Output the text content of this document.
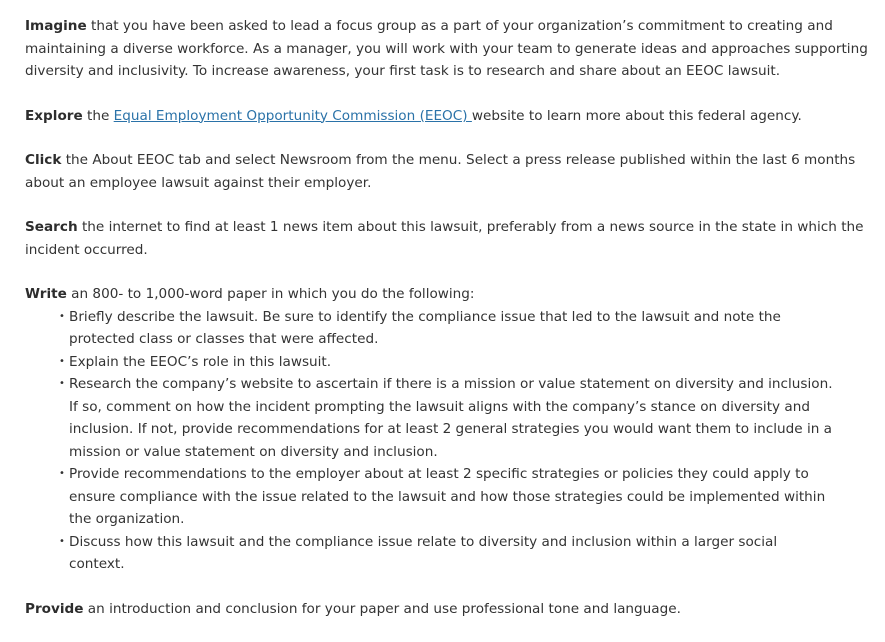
Imagine that you have been asked to lead a focus group as a part of your organization’s commitment to creating and maintaining a diverse workforce. As a manager, you will work with your team to generate ideas and approaches supporting diversity and inclusivity. To increase awareness, your first task is to research and share about an EEOC lawsuit.

Explore the Equal Employment Opportunity Commission (EEOC) website to learn more about this federal agency.

Click the About EEOC tab and select Newsroom from the menu. Select a press release published within the last 6 months about an employee lawsuit against their employer.

Search the internet to find at least 1 news item about this lawsuit, preferably from a news source in the state in which the incident occurred.

Write an 800- to 1,000-word paper in which you do the following:

• Briefly describe the lawsuit. Be sure to identify the compliance issue that led to the lawsuit and note the protected class or classes that were affected.
• Explain the EEOC’s role in this lawsuit.
• Research the company’s website to ascertain if there is a mission or value statement on diversity and inclusion. If so, comment on how the incident prompting the lawsuit aligns with the company’s stance on diversity and inclusion. If not, provide recommendations for at least 2 general strategies you would want them to include in a mission or value statement on diversity and inclusion.
• Provide recommendations to the employer about at least 2 specific strategies or policies they could apply to ensure compliance with the issue related to the lawsuit and how those strategies could be implemented within the organization.
• Discuss how this lawsuit and the compliance issue relate to diversity and inclusion within a larger social context.

Provide an introduction and conclusion for your paper and use professional tone and language.
